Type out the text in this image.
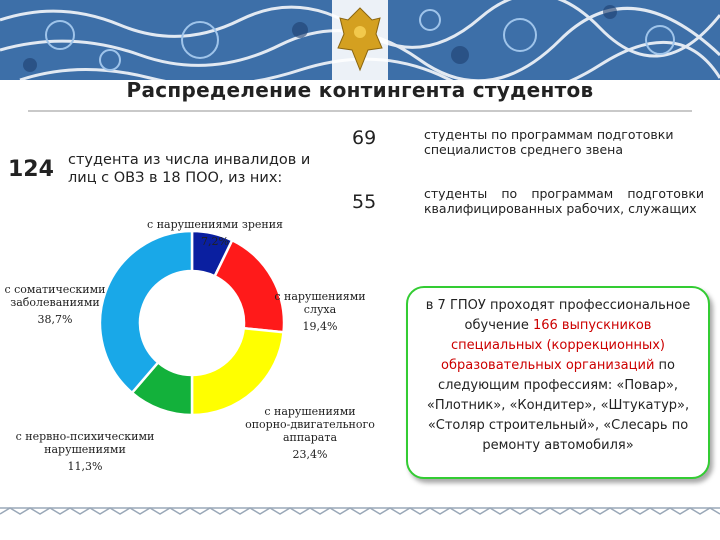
Распределение контингента студентов
124 студента из числа инвалидов и лиц с ОВЗ в 18 ПОО, из них:
69	студенты по программам подготовки специалистов среднего звена
55	студенты по программам подготовки квалифицированных рабочих, служащих
с нарушениями зрения
7,2%
с нарушениями
слуха
19,4%
с нарушениями
опорно-двигательного
аппарата
23,4%
с нервно-психическими
нарушениями
11,3%
с соматическими
заболеваниями
38,7%
в 7 ГПОУ проходят профессиональное обучение 166 выпускников специальных (коррекционных) образовательных организаций по следующим профессиям: «Повар», «Плотник», «Кондитер», «Штукатур», «Столяр строительный», «Слесарь по ремонту автомобиля»
